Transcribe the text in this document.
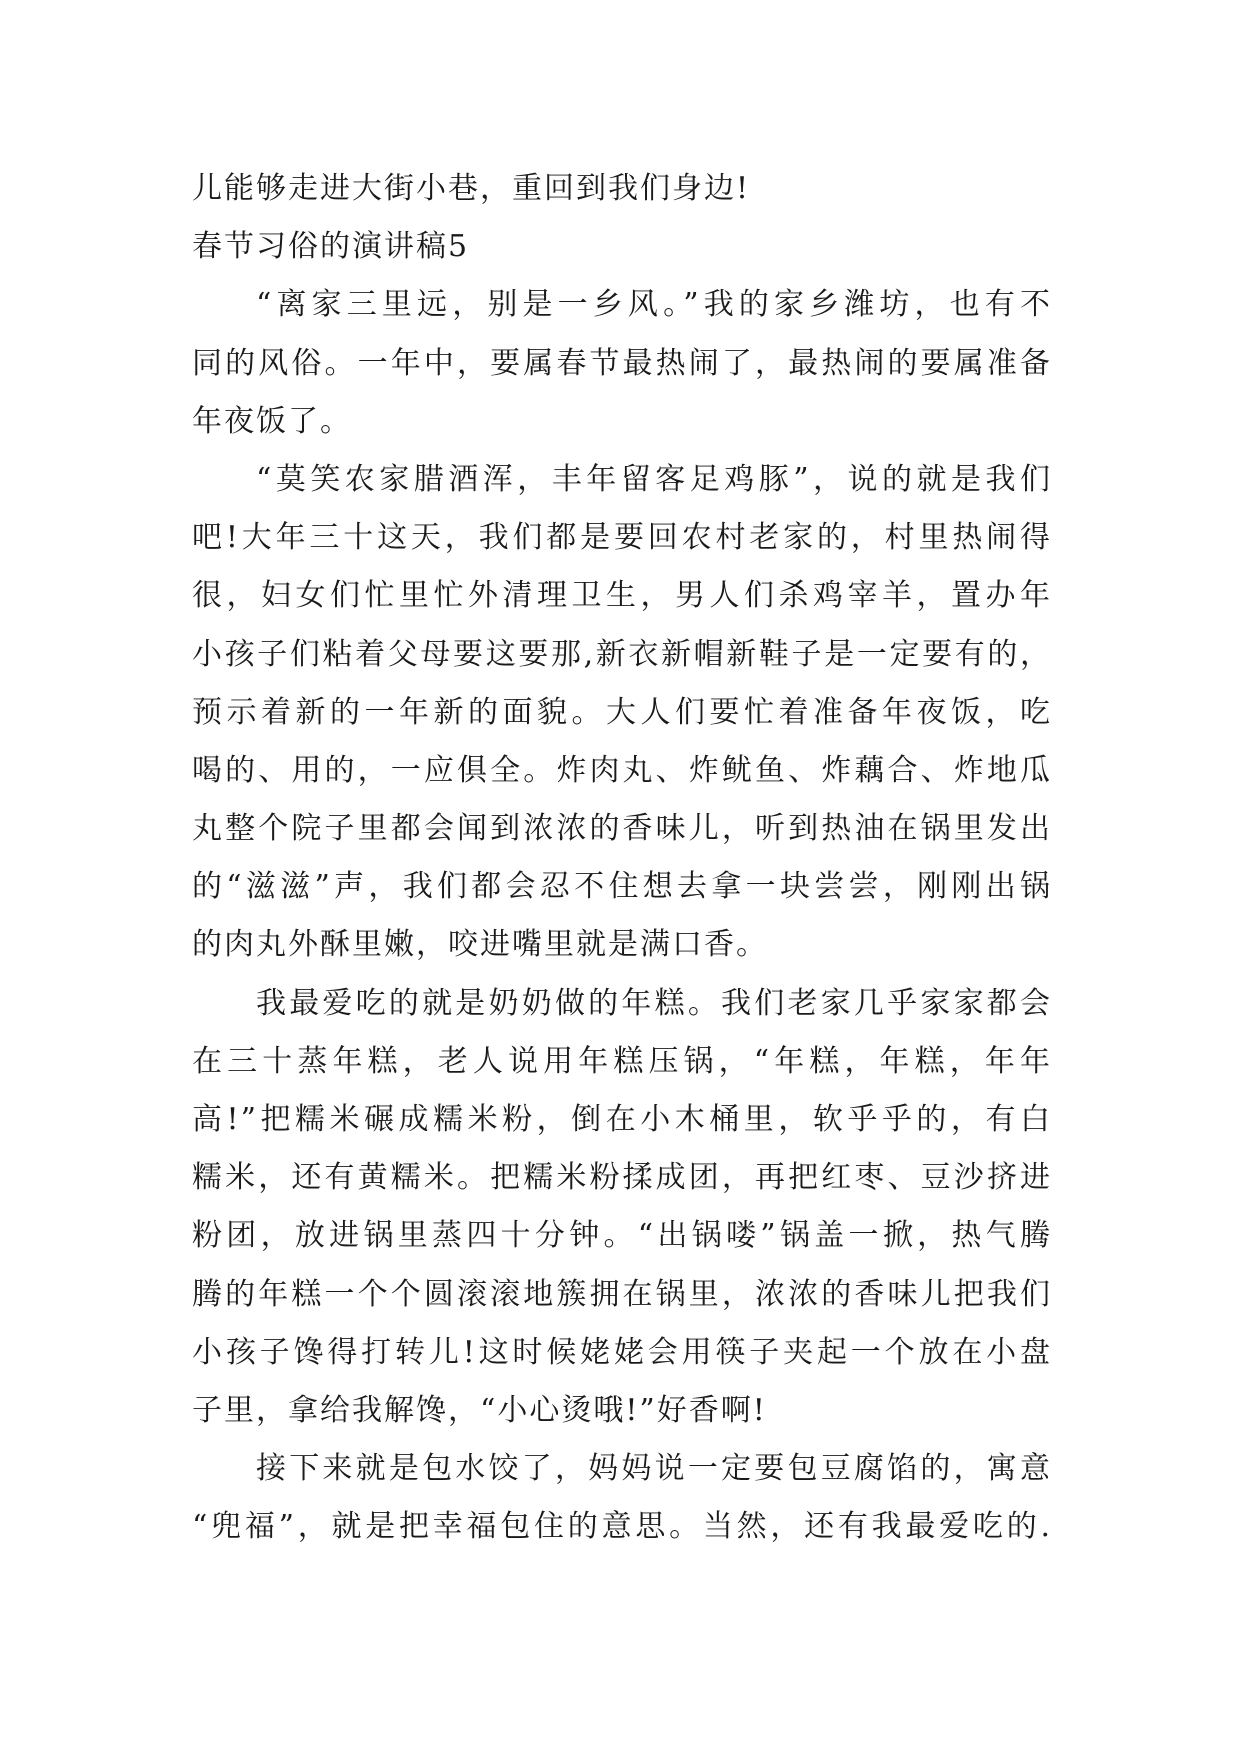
儿能够走进大街小巷，重回到我们身边!
春节习俗的演讲稿5
“离家三里远，别是一乡风。”我的家乡潍坊，也有不
同的风俗。一年中，要属春节最热闹了，最热闹的要属准备
年夜饭了。
“莫笑农家腊酒浑，丰年留客足鸡豚”，说的就是我们
吧!大年三十这天，我们都是要回农村老家的，村里热闹得
很，妇女们忙里忙外清理卫生，男人们杀鸡宰羊，置办年
小孩子们粘着父母要这要那,新衣新帽新鞋子是一定要有的，
预示着新的一年新的面貌。大人们要忙着准备年夜饭，吃
喝的、用的，一应俱全。炸肉丸、炸鱿鱼、炸藕合、炸地瓜
丸整个院子里都会闻到浓浓的香味儿，听到热油在锅里发出
的“滋滋”声，我们都会忍不住想去拿一块尝尝，刚刚出锅
的肉丸外酥里嫩，咬进嘴里就是满口香。
我最爱吃的就是奶奶做的年糕。我们老家几乎家家都会
在三十蒸年糕，老人说用年糕压锅，“年糕，年糕，年年
高!”把糯米碾成糯米粉，倒在小木桶里，软乎乎的，有白
糯米，还有黄糯米。把糯米粉揉成团，再把红枣、豆沙挤进
粉团，放进锅里蒸四十分钟。“出锅喽”锅盖一掀，热气腾
腾的年糕一个个圆滚滚地簇拥在锅里，浓浓的香味儿把我们
小孩子馋得打转儿!这时候姥姥会用筷子夹起一个放在小盘
子里，拿给我解馋，“小心烫哦!”好香啊!
接下来就是包水饺了，妈妈说一定要包豆腐馅的，寓意
“兜福”，就是把幸福包住的意思。当然，还有我最爱吃的.
